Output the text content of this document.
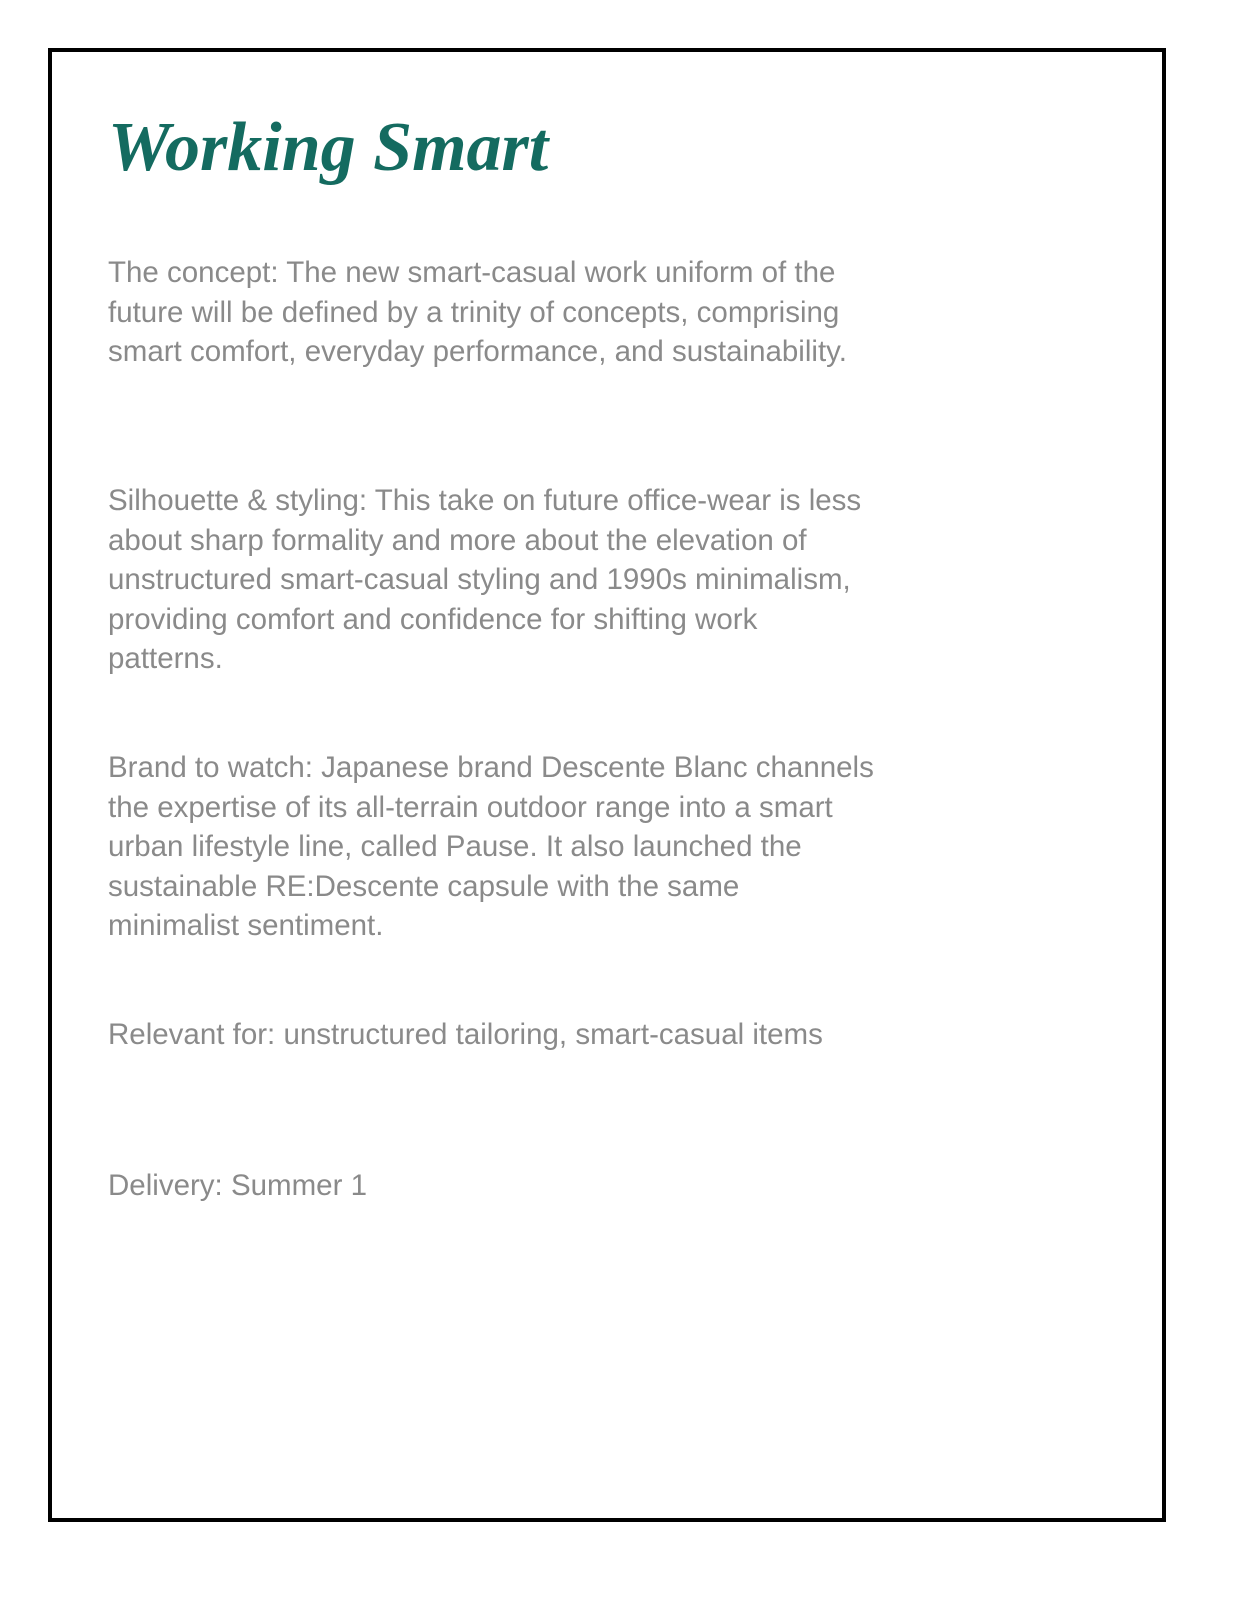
Working Smart

The concept: The new smart-casual work uniform of the future will be defined by a trinity of concepts, comprising smart comfort, everyday performance, and sustainability.

Silhouette & styling: This take on future office-wear is less about sharp formality and more about the elevation of unstructured smart-casual styling and 1990s minimalism, providing comfort and confidence for shifting work patterns.

Brand to watch: Japanese brand Descente Blanc channels the expertise of its all-terrain outdoor range into a smart urban lifestyle line, called Pause. It also launched the sustainable RE:Descente capsule with the same minimalist sentiment.

Relevant for: unstructured tailoring, smart-casual items

Delivery: Summer 1
